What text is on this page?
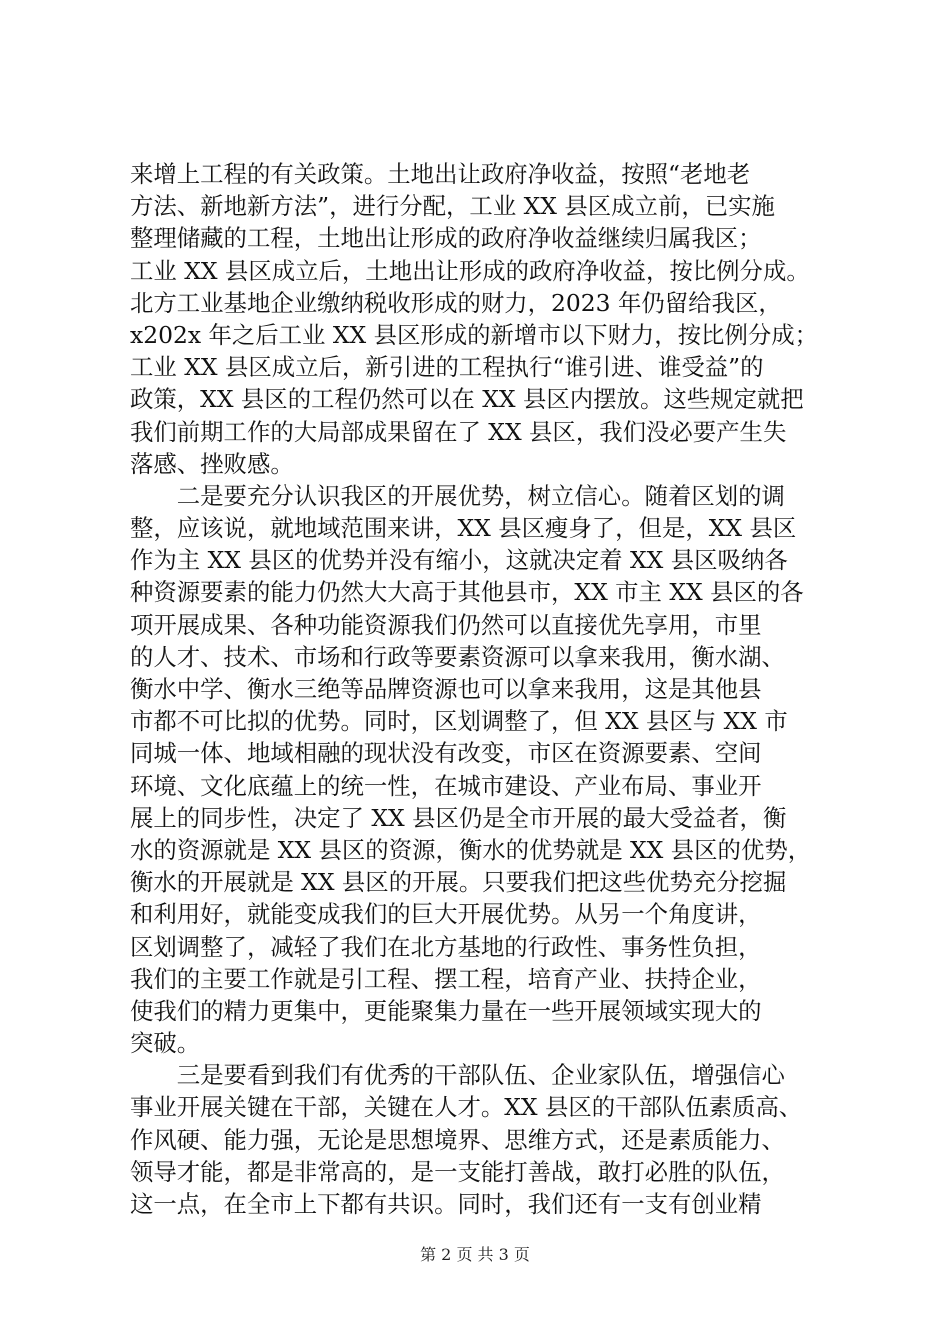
来增上工程的有关政策。土地出让政府净收益，按照“老地老
方法、新地新方法”，进行分配，工业 XX 县区成立前，已实施
整理储藏的工程，土地出让形成的政府净收益继续归属我区；
工业 XX 县区成立后，土地出让形成的政府净收益，按比例分成。
北方工业基地企业缴纳税收形成的财力，2023 年仍留给我区，
x202x 年之后工业 XX 县区形成的新增市以下财力，按比例分成；
工业 XX 县区成立后，新引进的工程执行“谁引进、谁受益”的
政策，XX 县区的工程仍然可以在 XX 县区内摆放。这些规定就把
我们前期工作的大局部成果留在了 XX 县区，我们没必要产生失
落感、挫败感。
　　二是要充分认识我区的开展优势，树立信心。随着区划的调
整，应该说，就地域范围来讲，XX 县区瘦身了，但是，XX 县区
作为主 XX 县区的优势并没有缩小，这就决定着 XX 县区吸纳各
种资源要素的能力仍然大大高于其他县市，XX 市主 XX 县区的各
项开展成果、各种功能资源我们仍然可以直接优先享用，市里
的人才、技术、市场和行政等要素资源可以拿来我用，衡水湖、
衡水中学、衡水三绝等品牌资源也可以拿来我用，这是其他县
市都不可比拟的优势。同时，区划调整了，但 XX 县区与 XX 市
同城一体、地域相融的现状没有改变，市区在资源要素、空间
环境、文化底蕴上的统一性，在城市建设、产业布局、事业开
展上的同步性，决定了 XX 县区仍是全市开展的最大受益者，衡
水的资源就是 XX 县区的资源，衡水的优势就是 XX 县区的优势，
衡水的开展就是 XX 县区的开展。只要我们把这些优势充分挖掘
和利用好，就能变成我们的巨大开展优势。从另一个角度讲，
区划调整了，减轻了我们在北方基地的行政性、事务性负担，
我们的主要工作就是引工程、摆工程，培育产业、扶持企业，
使我们的精力更集中，更能聚集力量在一些开展领域实现大的
突破。
　　三是要看到我们有优秀的干部队伍、企业家队伍，增强信心
事业开展关键在干部，关键在人才。XX 县区的干部队伍素质高、
作风硬、能力强，无论是思想境界、思维方式，还是素质能力、
领导才能，都是非常高的，是一支能打善战，敢打必胜的队伍，
这一点，在全市上下都有共识。同时，我们还有一支有创业精
第 2 页 共 3 页
